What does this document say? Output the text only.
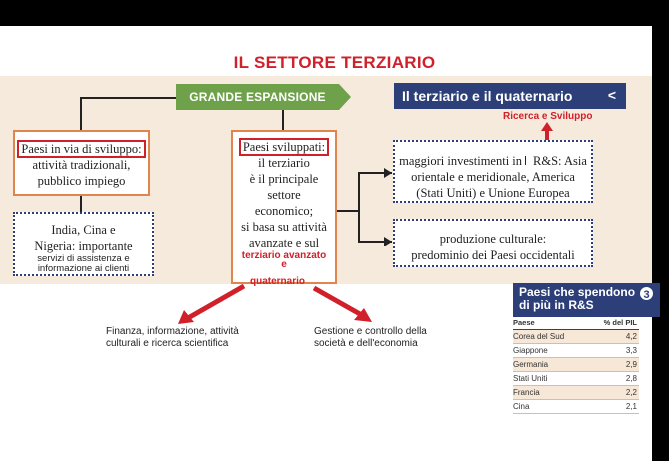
IL SETTORE TERZIARIO
GRANDE ESPANSIONE	Il terziario e il quaternario	<
Ricerca e Sviluppo
Paesi in via di sviluppo:
attività tradizionali,
pubblico impiego
India, Cina e
Nigeria: importante
servizi di assistenza e
informazione ai clienti
Paesi sviluppati:
il terziario
è il principale
settore
economico;
si basa su attività
avanzate e sul
terziario avanzato
e
quaternario
maggiori investimenti in R&S: Asia
orientale e meridionale, America
(Stati Uniti) e Unione Europea
produzione culturale:
predominio dei Paesi occidentali
Finanza, informazione, attività
culturali e ricerca scientifica
Gestione e controllo della
società e dell'economia
Paesi che spendono
di più in R&S
3
Paese	% del PIL
Corea del Sud	4,2
Giappone	3,3
Germania	2,9
Stati Uniti	2,8
Francia	2,2
Cina	2,1
